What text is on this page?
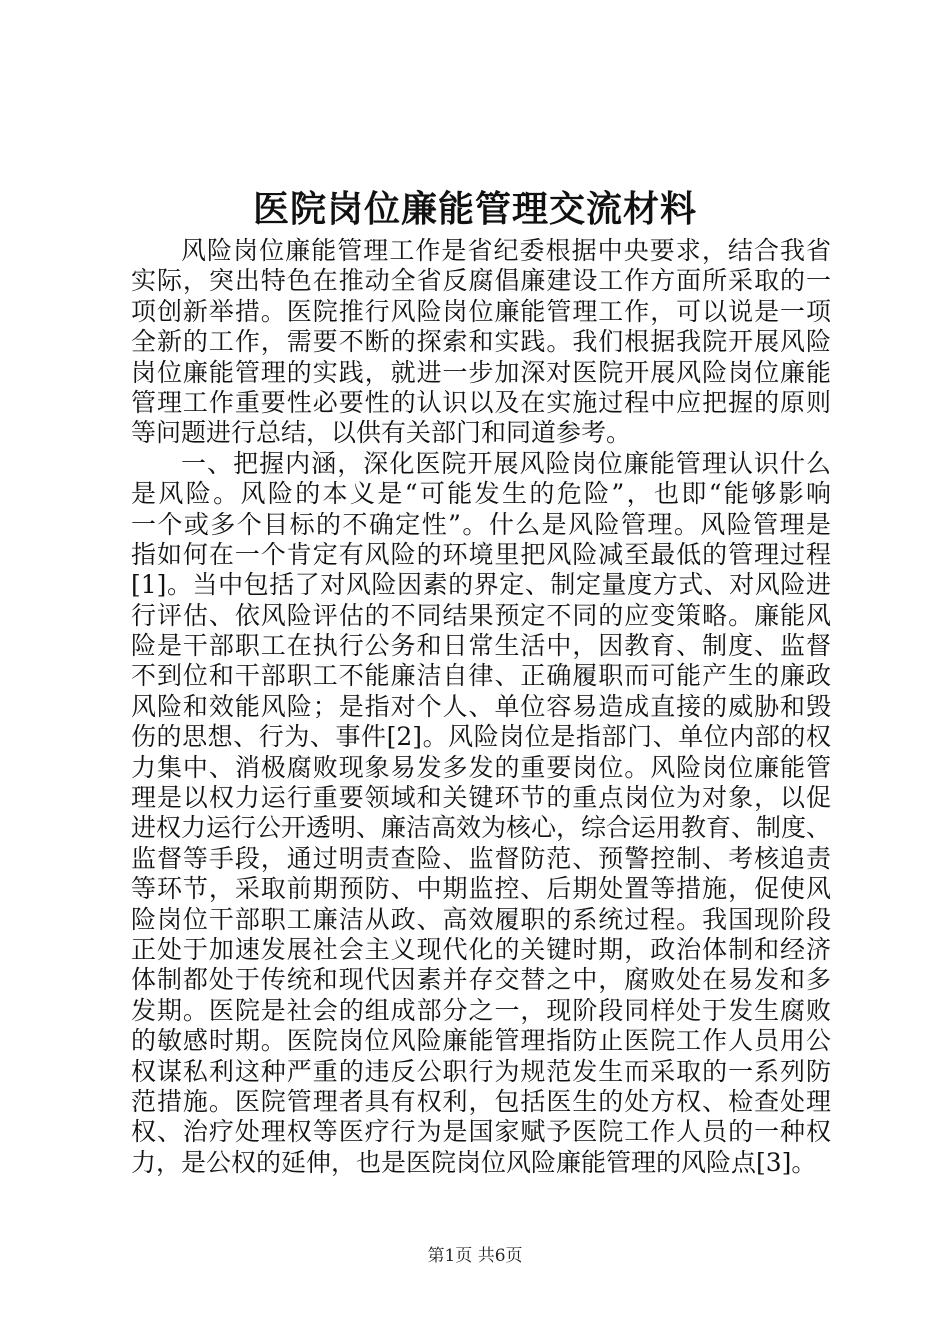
医院岗位廉能管理交流材料
风险岗位廉能管理工作是省纪委根据中央要求，结合我省
实际，突出特色在推动全省反腐倡廉建设工作方面所采取的一
项创新举措。医院推行风险岗位廉能管理工作，可以说是一项
全新的工作，需要不断的探索和实践。我们根据我院开展风险
岗位廉能管理的实践，就进一步加深对医院开展风险岗位廉能
管理工作重要性必要性的认识以及在实施过程中应把握的原则
等问题进行总结，以供有关部门和同道参考。
一、把握内涵，深化医院开展风险岗位廉能管理认识什么
是风险。风险的本义是“可能发生的危险”，也即“能够影响
一个或多个目标的不确定性”。什么是风险管理。风险管理是
指如何在一个肯定有风险的环境里把风险减至最低的管理过程
[1]。当中包括了对风险因素的界定、制定量度方式、对风险进
行评估、依风险评估的不同结果预定不同的应变策略。廉能风
险是干部职工在执行公务和日常生活中，因教育、制度、监督
不到位和干部职工不能廉洁自律、正确履职而可能产生的廉政
风险和效能风险；是指对个人、单位容易造成直接的威胁和毁
伤的思想、行为、事件[2]。风险岗位是指部门、单位内部的权
力集中、消极腐败现象易发多发的重要岗位。风险岗位廉能管
理是以权力运行重要领域和关键环节的重点岗位为对象，以促
进权力运行公开透明、廉洁高效为核心，综合运用教育、制度、
监督等手段，通过明责查险、监督防范、预警控制、考核追责
等环节，采取前期预防、中期监控、后期处置等措施，促使风
险岗位干部职工廉洁从政、高效履职的系统过程。我国现阶段
正处于加速发展社会主义现代化的关键时期，政治体制和经济
体制都处于传统和现代因素并存交替之中，腐败处在易发和多
发期。医院是社会的组成部分之一，现阶段同样处于发生腐败
的敏感时期。医院岗位风险廉能管理指防止医院工作人员用公
权谋私利这种严重的违反公职行为规范发生而采取的一系列防
范措施。医院管理者具有权利，包括医生的处方权、检查处理
权、治疗处理权等医疗行为是国家赋予医院工作人员的一种权
力，是公权的延伸，也是医院岗位风险廉能管理的风险点[3]。
第1页 共6页
